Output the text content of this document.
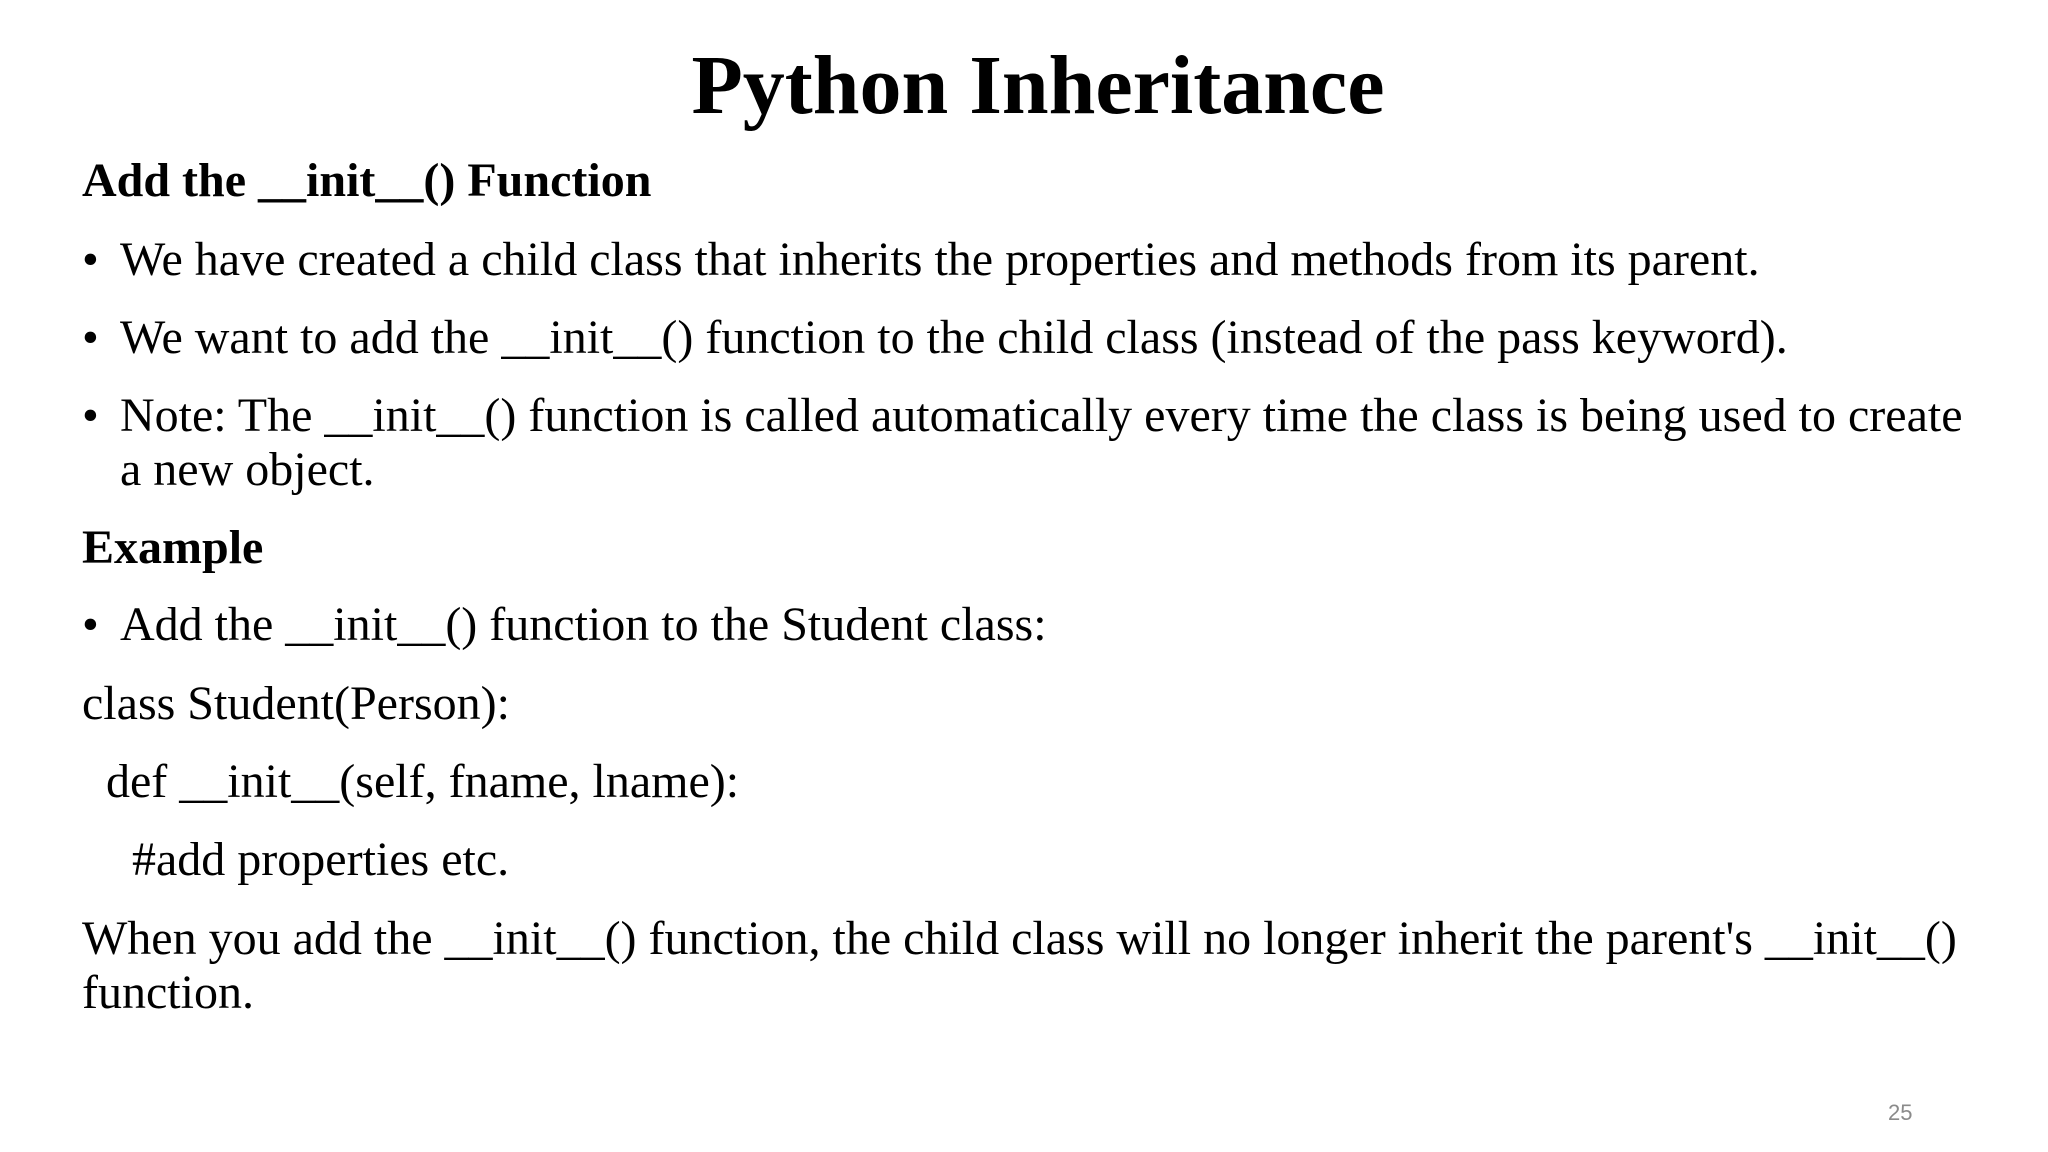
Python Inheritance
Add the __init__() Function
• We have created a child class that inherits the properties and methods from its parent.
• We want to add the __init__() function to the child class (instead of the pass keyword).
• Note: The __init__() function is called automatically every time the class is being used to create a new object.
Example
• Add the __init__() function to the Student class:
class Student(Person):
def __init__(self, fname, lname):
#add properties etc.
When you add the __init__() function, the child class will no longer inherit the parent's __init__() function.
25
